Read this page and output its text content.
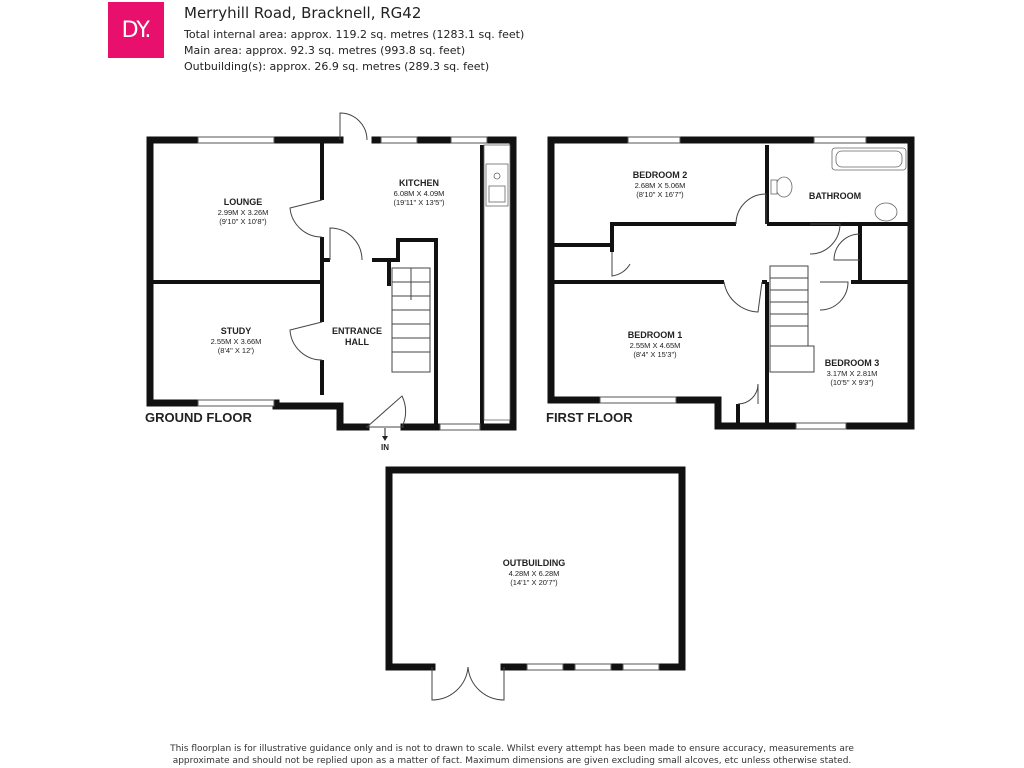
DY.
Merryhill Road, Bracknell, RG42
Total internal area: approx. 119.2 sq. metres (1283.1 sq. feet)
Main area: approx. 92.3 sq. metres (993.8 sq. feet)
Outbuilding(s): approx. 26.9 sq. metres (289.3 sq. feet)
LOUNGE
2.99M X 3.26M
(9'10" X 10'8")
KITCHEN
6.08M X 4.09M
(19'11" X 13'5")
STUDY
2.55M X 3.66M
(8'4" X 12')
ENTRANCE
HALL
GROUND FLOOR
IN
BEDROOM 2
2.68M X 5.06M
(8'10" X 16'7")	BATHROOM
BEDROOM 1
2.55M X 4.65M
(8'4" X 15'3")
BEDROOM 3
3.17M X 2.81M
(10'5" X 9'3")
FIRST FLOOR
OUTBUILDING
4.28M X 6.28M
(14'1" X 20'7")
This floorplan is for illustrative guidance only and is not to drawn to scale. Whilst every attempt has been made to ensure accuracy, measurements are
approximate and should not be replied upon as a matter of fact. Maximum dimensions are given excluding small alcoves, etc unless otherwise stated.
